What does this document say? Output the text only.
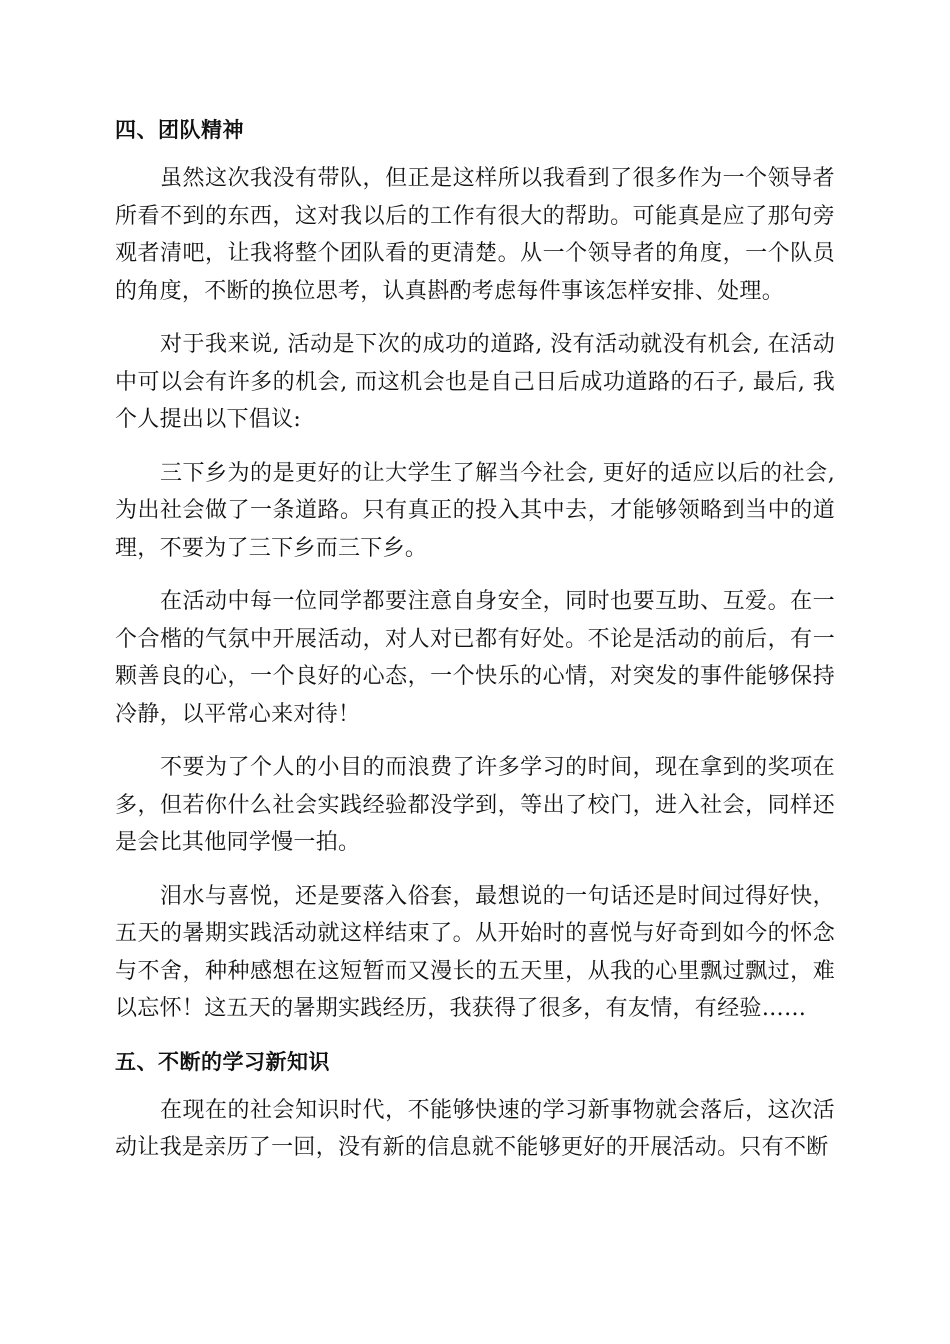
四、团队精神

虽然这次我没有带队，但正是这样所以我看到了很多作为一个领导者所看不到的东西，这对我以后的工作有很大的帮助。可能真是应了那句旁观者清吧，让我将整个团队看的更清楚。从一个领导者的角度，一个队员的角度，不断的换位思考，认真斟酌考虑每件事该怎样安排、处理。

对于我来说, 活动是下次的成功的道路, 没有活动就没有机会, 在活动中可以会有许多的机会, 而这机会也是自己日后成功道路的石子, 最后, 我个人提出以下倡议:

三下乡为的是更好的让大学生了解当今社会, 更好的适应以后的社会, 为出社会做了一条道路。只有真正的投入其中去，才能够领略到当中的道理，不要为了三下乡而三下乡。

在活动中每一位同学都要注意自身安全，同时也要互助、互爱。在一个合楷的气氛中开展活动，对人对已都有好处。不论是活动的前后，有一颗善良的心，一个良好的心态，一个快乐的心情，对突发的事件能够保持冷静，以平常心来对待！

不要为了个人的小目的而浪费了许多学习的时间，现在拿到的奖项在多，但若你什么社会实践经验都没学到，等出了校门，进入社会，同样还是会比其他同学慢一拍。

泪水与喜悦，还是要落入俗套，最想说的一句话还是时间过得好快，五天的暑期实践活动就这样结束了。从开始时的喜悦与好奇到如今的怀念与不舍，种种感想在这短暂而又漫长的五天里，从我的心里飘过飘过，难以忘怀！这五天的暑期实践经历，我获得了很多，有友情，有经验……

五、不断的学习新知识

在现在的社会知识时代，不能够快速的学习新事物就会落后，这次活动让我是亲历了一回，没有新的信息就不能够更好的开展活动。只有不断
